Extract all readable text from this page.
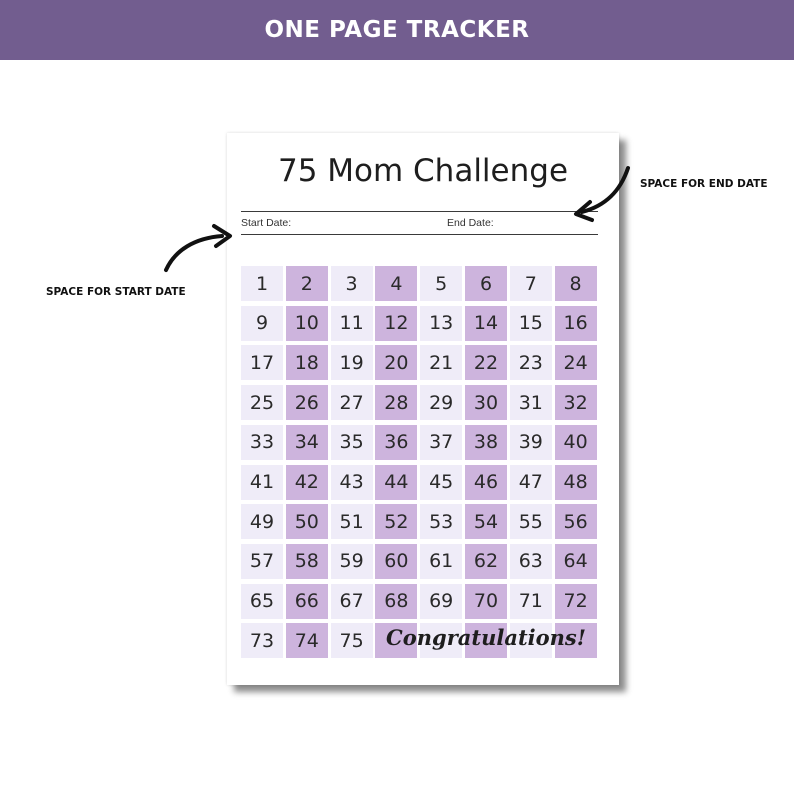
ONE PAGE TRACKER
75 Mom Challenge
Start Date:	End Date:
1	2	3	4	5	6	7	8
9	10	11	12	13	14	15	16
17	18	19	20	21	22	23	24
25	26	27	28	29	30	31	32
33	34	35	36	37	38	39	40
41	42	43	44	45	46	47	48
49	50	51	52	53	54	55	56
57	58	59	60	61	62	63	64
65	66	67	68	69	70	71	72
73	74	75	Congratulations!
SPACE FOR START DATE
SPACE FOR END DATE
